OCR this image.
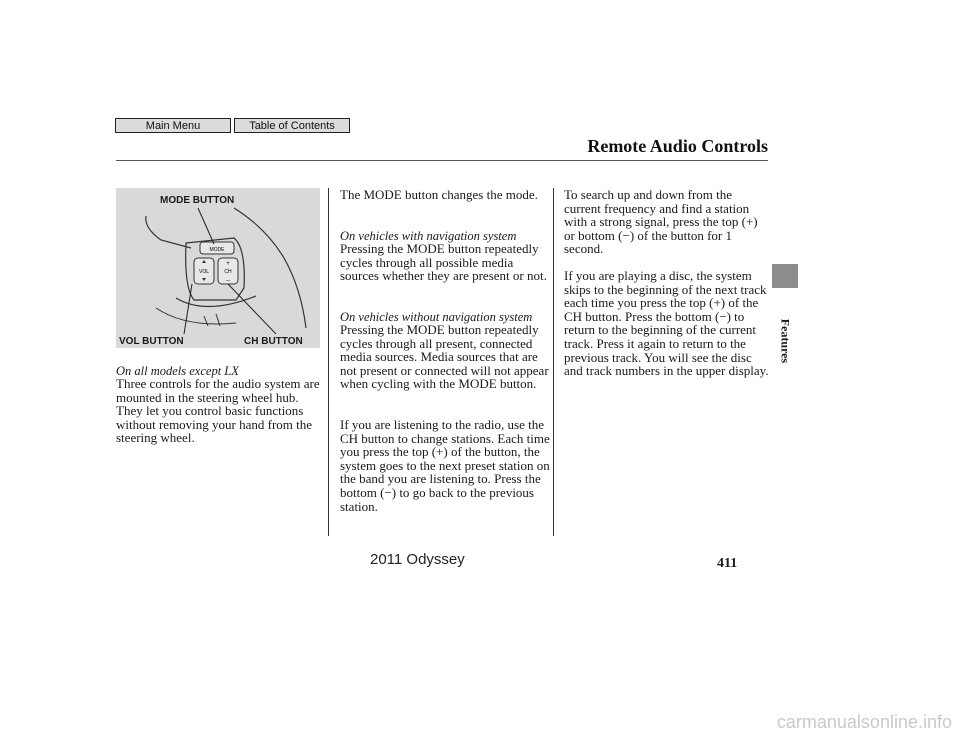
Main Menu	Table of Contents
Remote Audio Controls
Features
MODE
VOL	CH
+
–
MODE BUTTON
VOL BUTTON	CH BUTTON
On all models except LX
Three controls for the audio system are mounted in the steering wheel hub. They let you control basic functions without removing your hand from the steering wheel.
The MODE button changes the mode.
On vehicles with navigation system
Pressing the MODE button repeatedly cycles through all possible media sources whether they are present or not.
On vehicles without navigation system
Pressing the MODE button repeatedly cycles through all present, connected media sources. Media sources that are not present or connected will not appear when cycling with the MODE button.
If you are listening to the radio, use the CH button to change stations. Each time you press the top (+) of the button, the system goes to the next preset station on the band you are listening to. Press the bottom (−) to go back to the previous station.
To search up and down from the current frequency and find a station with a strong signal, press the top (+) or bottom (−) of the button for 1 second.
If you are playing a disc, the system skips to the beginning of the next track each time you press the top (+) of the CH button. Press the bottom (−) to return to the beginning of the current track. Press it again to return to the previous track. You will see the disc and track numbers in the upper display.
2011 Odyssey	411
carmanualsonline.info
